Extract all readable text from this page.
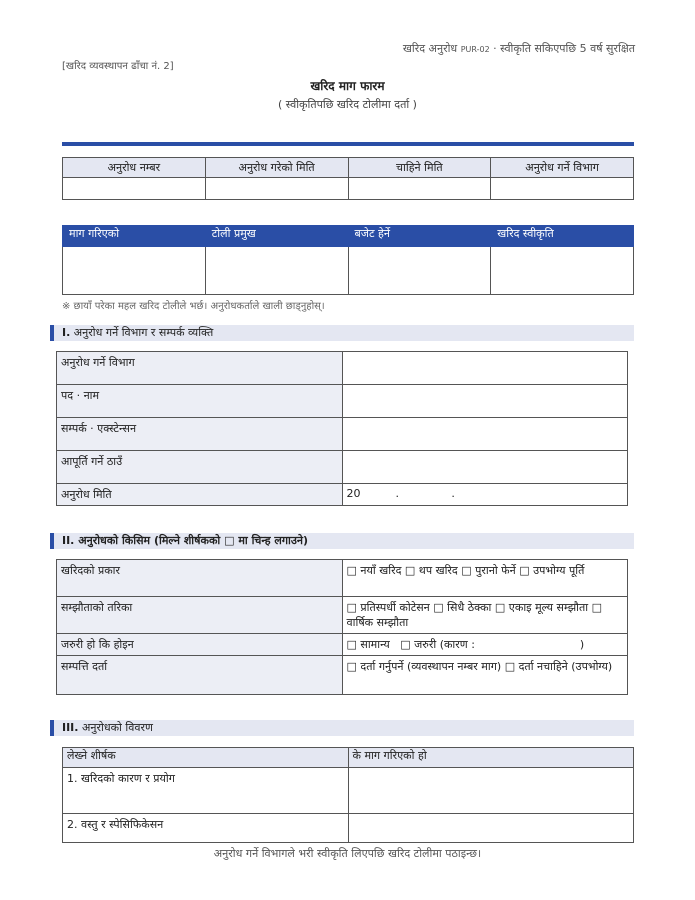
खरिद अनुरोध PUR-02 · स्वीकृति सकिएपछि 5 वर्ष सुरक्षित
[खरिद व्यवस्थापन ढाँचा नं. 2]
खरिद माग फारम
( स्वीकृतिपछि खरिद टोलीमा दर्ता )
अनुरोध नम्बर	अनुरोध गरेको मिति	चाहिने मिति	अनुरोध गर्ने विभाग

माग गरिएको	टोली प्रमुख	बजेट हेर्ने	खरिद स्वीकृति

※ छायाँ परेका महल खरिद टोलीले भर्छ। अनुरोधकर्ताले खाली छाड्नुहोस्।
I. अनुरोध गर्ने विभाग र सम्पर्क व्यक्ति
अनुरोध गर्ने विभाग	
पद · नाम	
सम्पर्क · एक्स्टेन्सन	
आपूर्ति गर्ने ठाउँ	
अनुरोध मिति	20          .               .
II. अनुरोधको किसिम (मिल्ने शीर्षकको □ मा चिन्ह लगाउने)
खरिदको प्रकार	□ नयाँ खरिद □ थप खरिद □ पुरानो फेर्ने □ उपभोग्य पूर्ति
सम्झौताको तरिका	□ प्रतिस्पर्धी कोटेसन □ सिधै ठेक्का □ एकाइ मूल्य सम्झौता □ वार्षिक सम्झौता
जरुरी हो कि होइन	□ सामान्य   □ जरुरी (कारण :                              )
सम्पत्ति दर्ता	□ दर्ता गर्नुपर्ने (व्यवस्थापन नम्बर माग) □ दर्ता नचाहिने (उपभोग्य)
III. अनुरोधको विवरण
लेख्ने शीर्षक	के माग गरिएको हो
1. खरिदको कारण र प्रयोग	
2. वस्तु र स्पेसिफिकेसन	
अनुरोध गर्ने विभागले भरी स्वीकृति लिएपछि खरिद टोलीमा पठाइन्छ।
